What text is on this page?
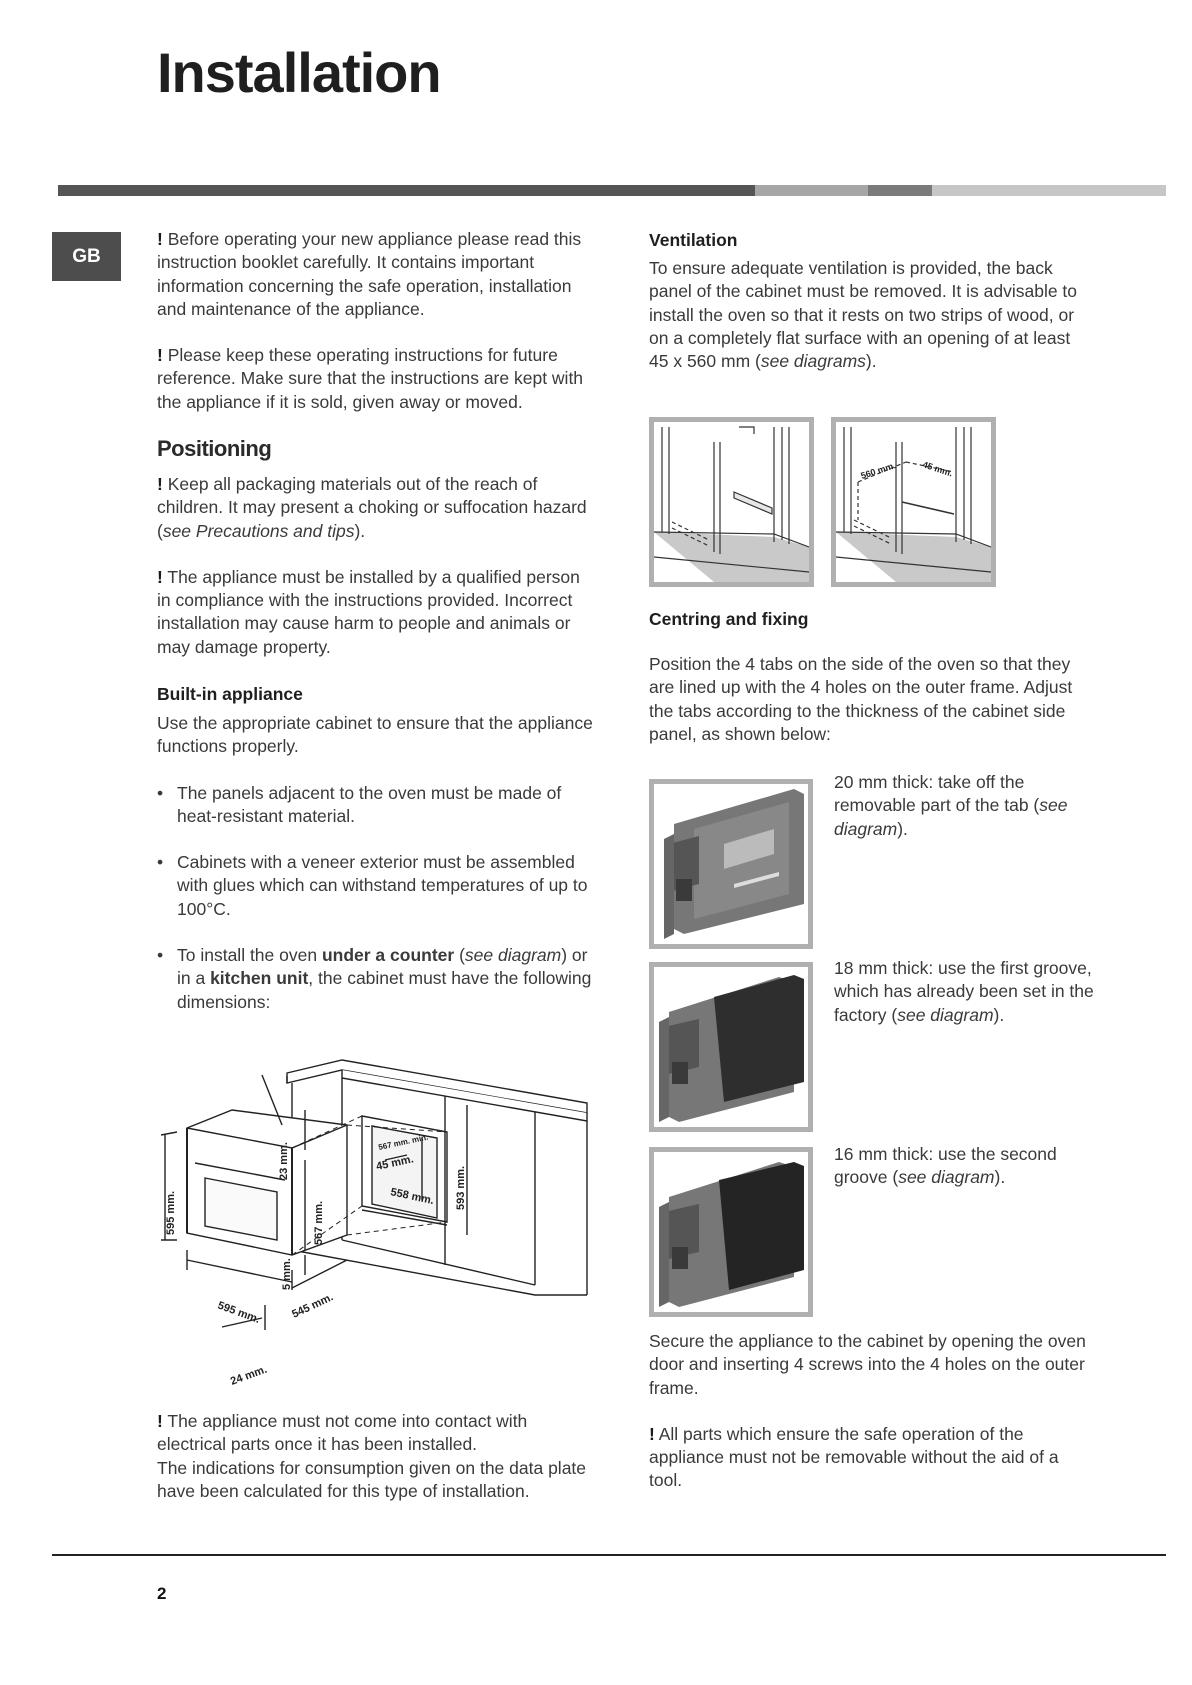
Installation
GB

! Before operating your new appliance please read this instruction booklet carefully. It contains important information concerning the safe operation, installation and maintenance of the appliance.

! Please keep these operating instructions for future reference. Make sure that the instructions are kept with the appliance if it is sold, given away or moved.

Positioning

! Keep all packaging materials out of the reach of children. It may present a choking or suffocation hazard (see Precautions and tips).

! The appliance must be installed by a qualified person in compliance with the instructions provided. Incorrect installation may cause harm to people and animals or may damage property.

Built-in appliance

Use the appropriate cabinet to ensure that the appliance functions properly.

• The panels adjacent to the oven must be made of heat-resistant material.

• Cabinets with a veneer exterior must be assembled with glues which can withstand temperatures of up to 100°C.

• To install the oven under a counter (see diagram) or in a kitchen unit, the cabinet must have the following dimensions:

595 mm.
23 mm.
567 mm.
5 mm.
595 mm.	545 mm.
24 mm.
567 mm. min.
45 mm.
558 mm. 593 mm.

! The appliance must not come into contact with electrical parts once it has been installed.

The indications for consumption given on the data plate have been calculated for this type of installation.

Ventilation

To ensure adequate ventilation is provided, the back panel of the cabinet must be removed. It is advisable to install the oven so that it rests on two strips of wood, or on a completely flat surface with an opening of at least 45 x 560 mm (see diagrams).

560 mm.	45 mm.
Centring and fixing

Position the 4 tabs on the side of the oven so that they are lined up with the 4 holes on the outer frame. Adjust the tabs according to the thickness of the cabinet side panel, as shown below:

20 mm thick: take off the removable part of the tab (see diagram).

18 mm thick: use the first groove, which has already been set in the factory (see diagram).

16 mm thick: use the second groove (see diagram).

Secure the appliance to the cabinet by opening the oven door and inserting 4 screws into the 4 holes on the outer frame.

! All parts which ensure the safe operation of the appliance must not be removable without the aid of a tool.

2
